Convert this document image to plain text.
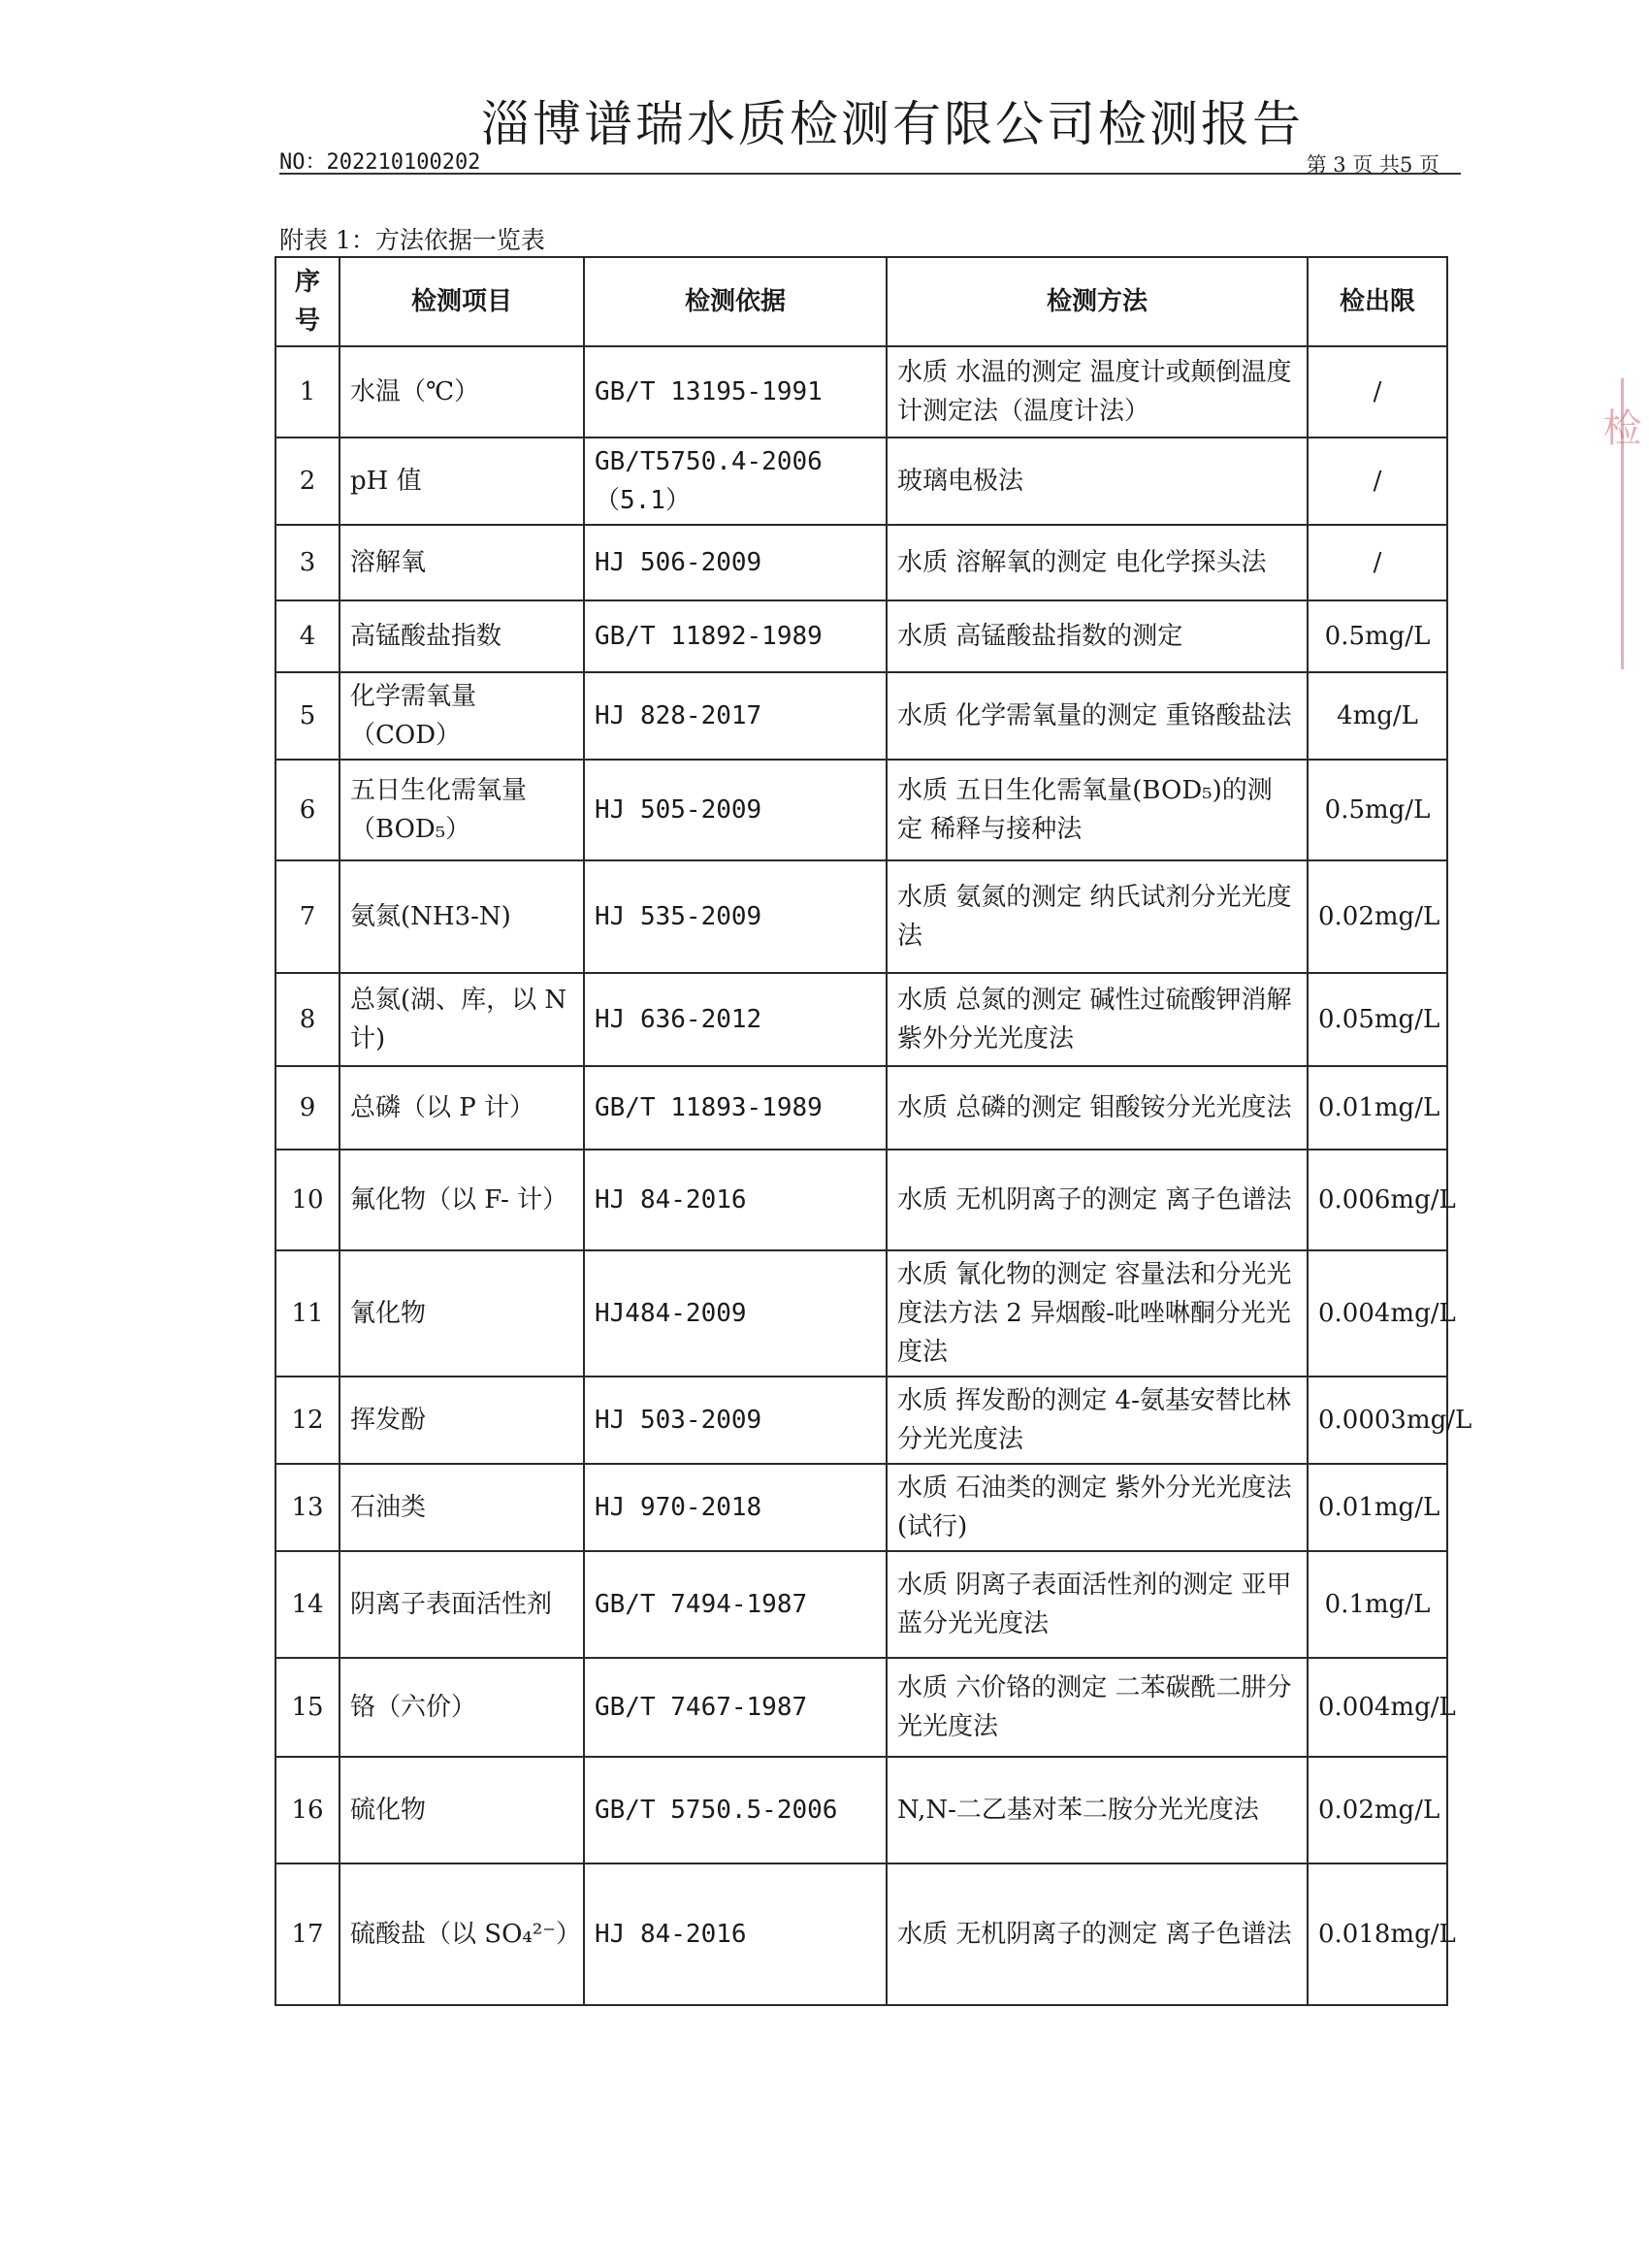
淄博谱瑞水质检测有限公司检测报告
NO：202210100202	第 3 页 共5 页
附表 1：方法依据一览表
序号	检测项目	检测依据	检测方法	检出限
1	水温（℃）	GB/T 13195-1991	水质 水温的测定 温度计或颠倒温度计测定法（温度计法）	/
2	pH 值	GB/T5750.4-2006 （5.1）	玻璃电极法	/
3	溶解氧	HJ 506-2009	水质 溶解氧的测定 电化学探头法	/
4	高锰酸盐指数	GB/T 11892-1989	水质 高锰酸盐指数的测定	0.5mg/L
5	化学需氧量（COD）	HJ 828-2017	水质 化学需氧量的测定 重铬酸盐法	4mg/L
6	五日生化需氧量（BOD₅）	HJ 505-2009	水质 五日生化需氧量(BOD₅)的测定 稀释与接种法	0.5mg/L
7	氨氮(NH3-N)	HJ 535-2009	水质 氨氮的测定 纳氏试剂分光光度法	0.02mg/L
8	总氮(湖、库，以 N 计)	HJ 636-2012	水质 总氮的测定 碱性过硫酸钾消解紫外分光光度法	0.05mg/L
9	总磷（以 P 计）	GB/T 11893-1989	水质 总磷的测定 钼酸铵分光光度法	0.01mg/L
10	氟化物（以 F- 计）	HJ 84-2016	水质 无机阴离子的测定 离子色谱法	0.006mg/L
11	氰化物	HJ484-2009	水质 氰化物的测定 容量法和分光光度法方法 2 异烟酸-吡唑啉酮分光光度法	0.004mg/L
12	挥发酚	HJ 503-2009	水质 挥发酚的测定 4-氨基安替比林分光光度法	0.0003mg/L
13	石油类	HJ 970-2018	水质 石油类的测定 紫外分光光度法(试行)	0.01mg/L
14	阴离子表面活性剂	GB/T 7494-1987	水质 阴离子表面活性剂的测定 亚甲蓝分光光度法	0.1mg/L
15	铬（六价）	GB/T 7467-1987	水质 六价铬的测定 二苯碳酰二肼分光光度法	0.004mg/L
16	硫化物	GB/T 5750.5-2006	N,N-二乙基对苯二胺分光光度法	0.02mg/L
17	硫酸盐（以 SO₄²⁻）	HJ 84-2016	水质 无机阴离子的测定 离子色谱法	0.018mg/L
检
